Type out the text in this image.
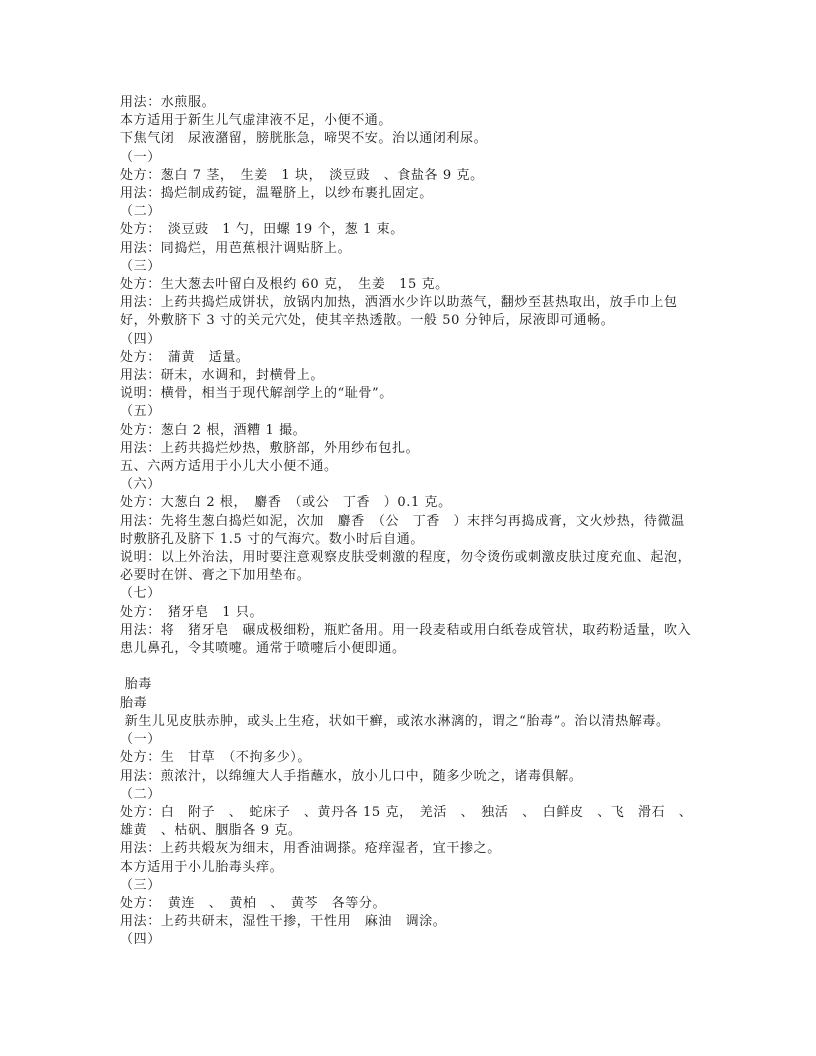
用法：水煎服。

本方适用于新生儿气虚津液不足，小便不通。

下焦气闭　尿液潴留，膀胱胀急，啼哭不安。治以通闭利尿。

（一）

处方：葱白 7 茎，　生姜　1 块，　淡豆豉　、食盐各 9 克。

用法：捣烂制成药锭，温罨脐上，以纱布裹扎固定。

（二）

处方：　淡豆豉　1 勺，田螺 19 个，葱 1 束。

用法：同捣烂，用芭蕉根汁调贴脐上。

（三）

处方：生大葱去叶留白及根约 60 克，　生姜　15 克。

用法：上药共捣烂成饼状，放锅内加热，洒酒水少许以助蒸气，翻炒至甚热取出，放手巾上包好，外敷脐下 3 寸的关元穴处，使其辛热透散。一般 50 分钟后，尿液即可通畅。

（四）

处方：　蒲黄　适量。

用法：研末，水调和，封横骨上。

说明：横骨，相当于现代解剖学上的“耻骨”。

（五）

处方：葱白 2 根，酒糟 1 撮。

用法：上药共捣烂炒热，敷脐部，外用纱布包扎。

五、六两方适用于小儿大小便不通。

（六）

处方：大葱白 2 根，　麝香　（或公　丁香　）0.1 克。

用法：先将生葱白捣烂如泥，次加　麝香　（公　丁香　）末拌匀再捣成膏，文火炒热，待微温时敷脐孔及脐下 1.5 寸的气海穴。数小时后自通。

说明：以上外治法，用时要注意观察皮肤受刺激的程度，勿令烫伤或刺激皮肤过度充血、起泡，必要时在饼、膏之下加用垫布。

（七）

处方：　猪牙皂　1 只。

用法：将　猪牙皂　碾成极细粉，瓶贮备用。用一段麦秸或用白纸卷成管状，取药粉适量，吹入患儿鼻孔，令其喷嚏。通常于喷嚏后小便即通。

胎毒

胎毒

新生儿见皮肤赤肿，或头上生疮，状如干癣，或浓水淋漓的，谓之“胎毒”。治以清热解毒。

（一）

处方：生　甘草　（不拘多少）。

用法：煎浓汁，以绵缠大人手指蘸水，放小儿口中，随多少吮之，诸毒俱解。

（二）

处方：白　附子　、　蛇床子　、黄丹各 15 克，　羌活　、　独活　、　白鲜皮　、飞　滑石　、　雄黄　、枯矾、胭脂各 9 克。

用法：上药共煅灰为细末，用香油调搽。疮痒湿者，宜干掺之。

本方适用于小儿胎毒头痒。

（三）

处方：　黄连　、　黄柏　、　黄芩　各等分。

用法：上药共研末，湿性干掺，干性用　麻油　调涂。

（四）
